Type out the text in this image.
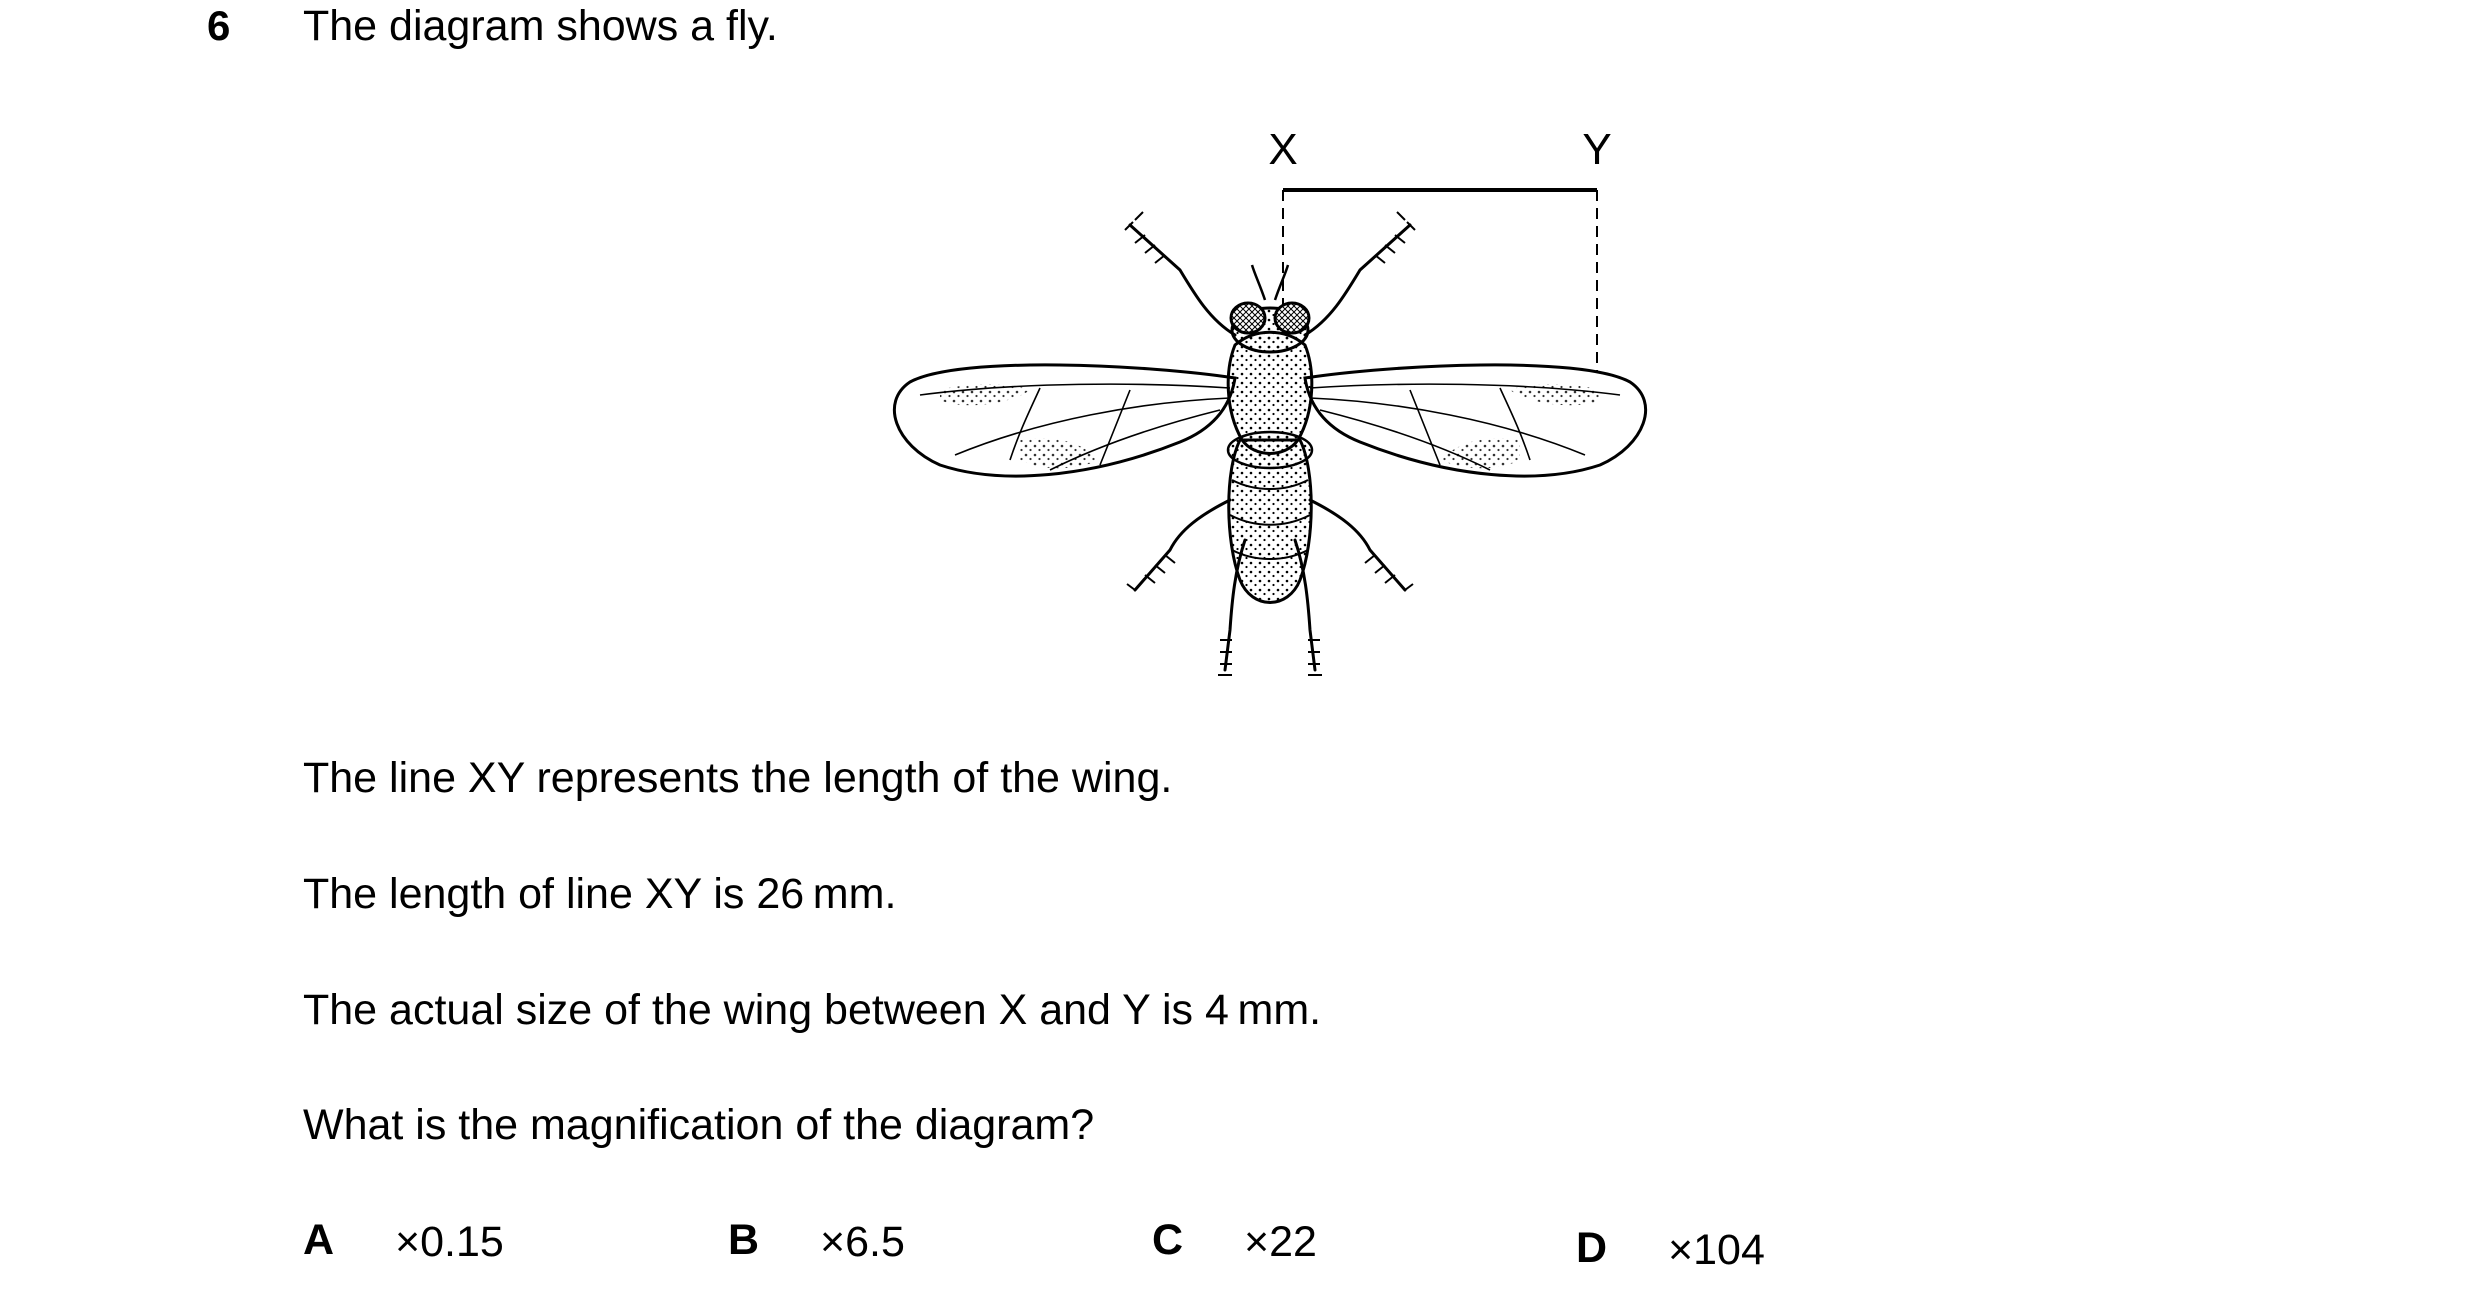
6 The diagram shows a fly.
X	Y
The line XY represents the length of the wing.
The length of line XY is 26 mm.
The actual size of the wing between X and Y is 4 mm.
What is the magnification of the diagram?
A ×0.15	B ×6.5	C ×22	D ×104
